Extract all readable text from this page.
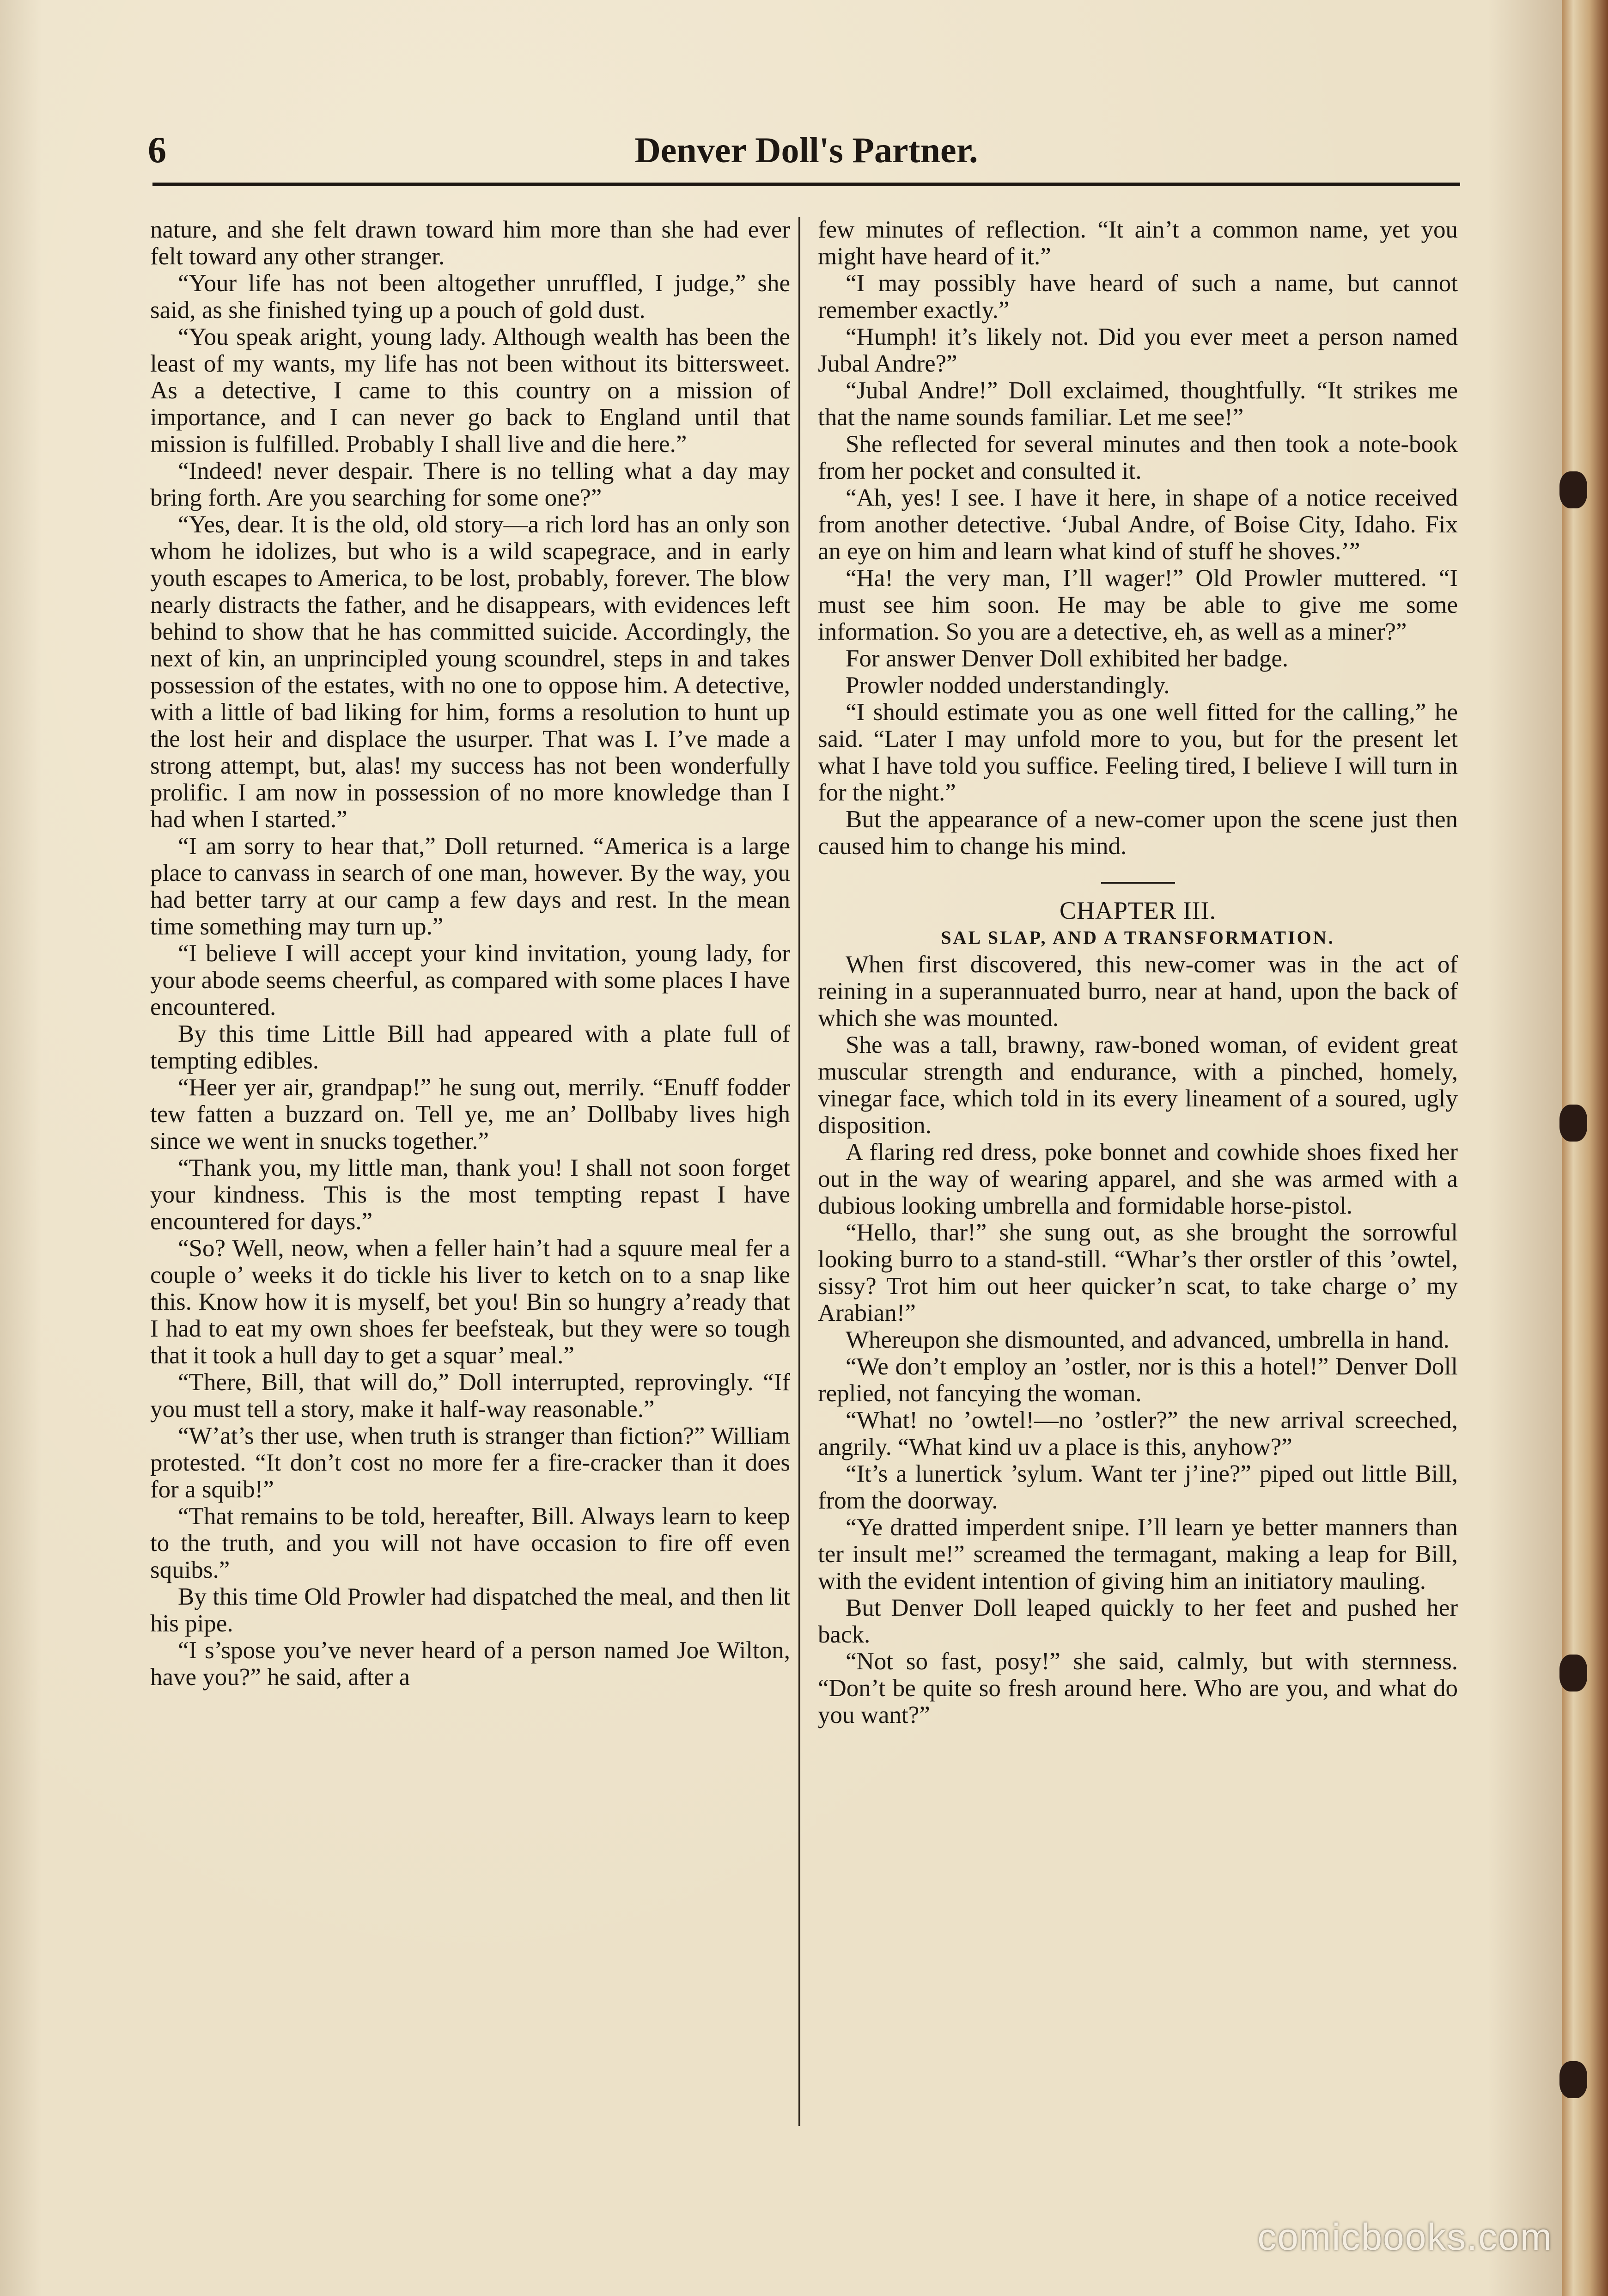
6	Denver Doll's Partner.

nature, and she felt drawn toward him more than she had ever felt toward any other stranger.

“Your life has not been altogether unruffled, I judge,” she said, as she finished tying up a pouch of gold dust.

“You speak aright, young lady. Although wealth has been the least of my wants, my life has not been without its bittersweet. As a detective, I came to this country on a mission of importance, and I can never go back to England until that mission is fulfilled. Probably I shall live and die here.”

“Indeed! never despair. There is no telling what a day may bring forth. Are you searching for some one?”

“Yes, dear. It is the old, old story—a rich lord has an only son whom he idolizes, but who is a wild scapegrace, and in early youth escapes to America, to be lost, probably, forever. The blow nearly distracts the father, and he disappears, with evidences left behind to show that he has committed suicide. Accordingly, the next of kin, an unprincipled young scoundrel, steps in and takes possession of the estates, with no one to oppose him. A detective, with a little of bad liking for him, forms a resolution to hunt up the lost heir and displace the usurper. That was I. I’ve made a strong attempt, but, alas! my success has not been wonderfully prolific. I am now in possession of no more knowledge than I had when I started.”

“I am sorry to hear that,” Doll returned. “America is a large place to canvass in search of one man, however. By the way, you had better tarry at our camp a few days and rest. In the mean time something may turn up.”

“I believe I will accept your kind invitation, young lady, for your abode seems cheerful, as compared with some places I have encountered.

By this time Little Bill had appeared with a plate full of tempting edibles.

“Heer yer air, grandpap!” he sung out, merrily. “Enuff fodder tew fatten a buzzard on. Tell ye, me an’ Dollbaby lives high since we went in snucks together.”

“Thank you, my little man, thank you! I shall not soon forget your kindness. This is the most tempting repast I have encountered for days.”

“So? Well, neow, when a feller hain’t had a squure meal fer a couple o’ weeks it do tickle his liver to ketch on to a snap like this. Know how it is myself, bet you! Bin so hungry a’ready that I had to eat my own shoes fer beefsteak, but they were so tough that it took a hull day to get a squar’ meal.”

“There, Bill, that will do,” Doll interrupted, reprovingly. “If you must tell a story, make it half-way reasonable.”

“W’at’s ther use, when truth is stranger than fiction?” William protested. “It don’t cost no more fer a fire-cracker than it does for a squib!”

“That remains to be told, hereafter, Bill. Always learn to keep to the truth, and you will not have occasion to fire off even squibs.”

By this time Old Prowler had dispatched the meal, and then lit his pipe.

“I s’spose you’ve never heard of a person named Joe Wilton, have you?” he said, after a

few minutes of reflection. “It ain’t a common name, yet you might have heard of it.”

“I may possibly have heard of such a name, but cannot remember exactly.”

“Humph! it’s likely not. Did you ever meet a person named Jubal Andre?”

“Jubal Andre!” Doll exclaimed, thoughtfully. “It strikes me that the name sounds familiar. Let me see!”

She reflected for several minutes and then took a note-book from her pocket and consulted it.

“Ah, yes! I see. I have it here, in shape of a notice received from another detective. ‘Jubal Andre, of Boise City, Idaho. Fix an eye on him and learn what kind of stuff he shoves.’”

“Ha! the very man, I’ll wager!” Old Prowler muttered. “I must see him soon. He may be able to give me some information. So you are a detective, eh, as well as a miner?”

For answer Denver Doll exhibited her badge.

Prowler nodded understandingly.

“I should estimate you as one well fitted for the calling,” he said. “Later I may unfold more to you, but for the present let what I have told you suffice. Feeling tired, I believe I will turn in for the night.”

But the appearance of a new-comer upon the scene just then caused him to change his mind.

CHAPTER III.

SAL SLAP, AND A TRANSFORMATION.

When first discovered, this new-comer was in the act of reining in a superannuated burro, near at hand, upon the back of which she was mounted.

She was a tall, brawny, raw-boned woman, of evident great muscular strength and endurance, with a pinched, homely, vinegar face, which told in its every lineament of a soured, ugly disposition.

A flaring red dress, poke bonnet and cowhide shoes fixed her out in the way of wearing apparel, and she was armed with a dubious looking umbrella and formidable horse-pistol.

“Hello, thar!” she sung out, as she brought the sorrowful looking burro to a stand-still. “Whar’s ther orstler of this ’owtel, sissy? Trot him out heer quicker’n scat, to take charge o’ my Arabian!”

Whereupon she dismounted, and advanced, umbrella in hand.

“We don’t employ an ’ostler, nor is this a hotel!” Denver Doll replied, not fancying the woman.

“What! no ’owtel!—no ’ostler?” the new arrival screeched, angrily. “What kind uv a place is this, anyhow?”

“It’s a lunertick ’sylum. Want ter j’ine?” piped out little Bill, from the doorway.

“Ye dratted imperdent snipe. I’ll learn ye better manners than ter insult me!” screamed the termagant, making a leap for Bill, with the evident intention of giving him an initiatory mauling.

But Denver Doll leaped quickly to her feet and pushed her back.

“Not so fast, posy!” she said, calmly, but with sternness. “Don’t be quite so fresh around here. Who are you, and what do you want?”

comicbooks.com
